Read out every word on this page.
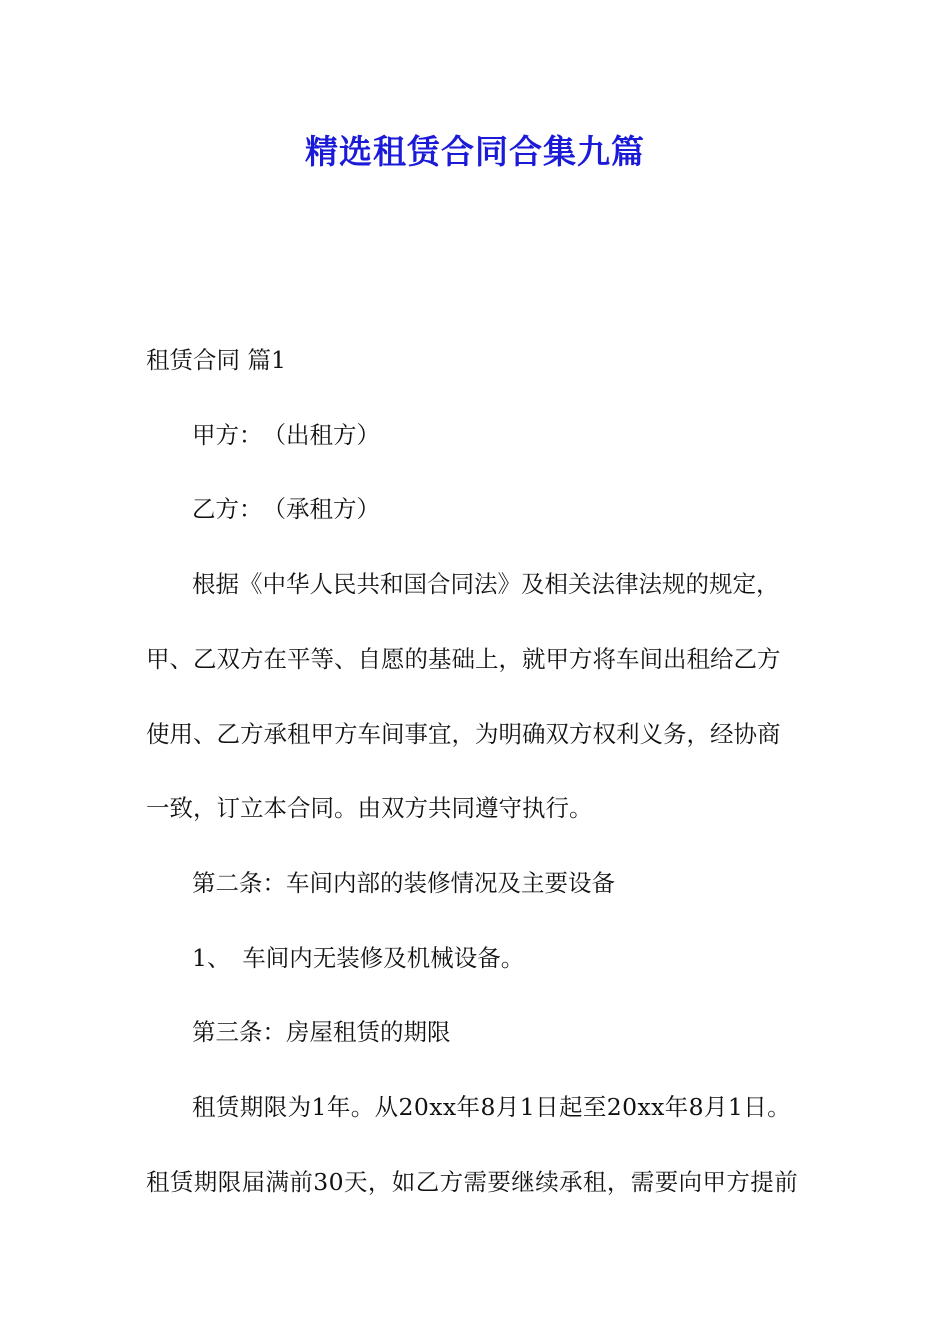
精选租赁合同合集九篇
租赁合同 篇1
甲方：　（出租方）
乙方：　（承租方）
根据《中华人民共和国合同法》及相关法律法规的规定，
甲、乙双方在平等、自愿的基础上，就甲方将车间出租给乙方
使用、乙方承租甲方车间事宜，为明确双方权利义务，经协商
一致，订立本合同。由双方共同遵守执行。
第二条：车间内部的装修情况及主要设备
1、　车间内无装修及机械设备。
第三条：房屋租赁的期限
租赁期限为1年。从20xx年8月1日起至20xx年8月1日。
租赁期限届满前30天，如乙方需要继续承租，需要向甲方提前
